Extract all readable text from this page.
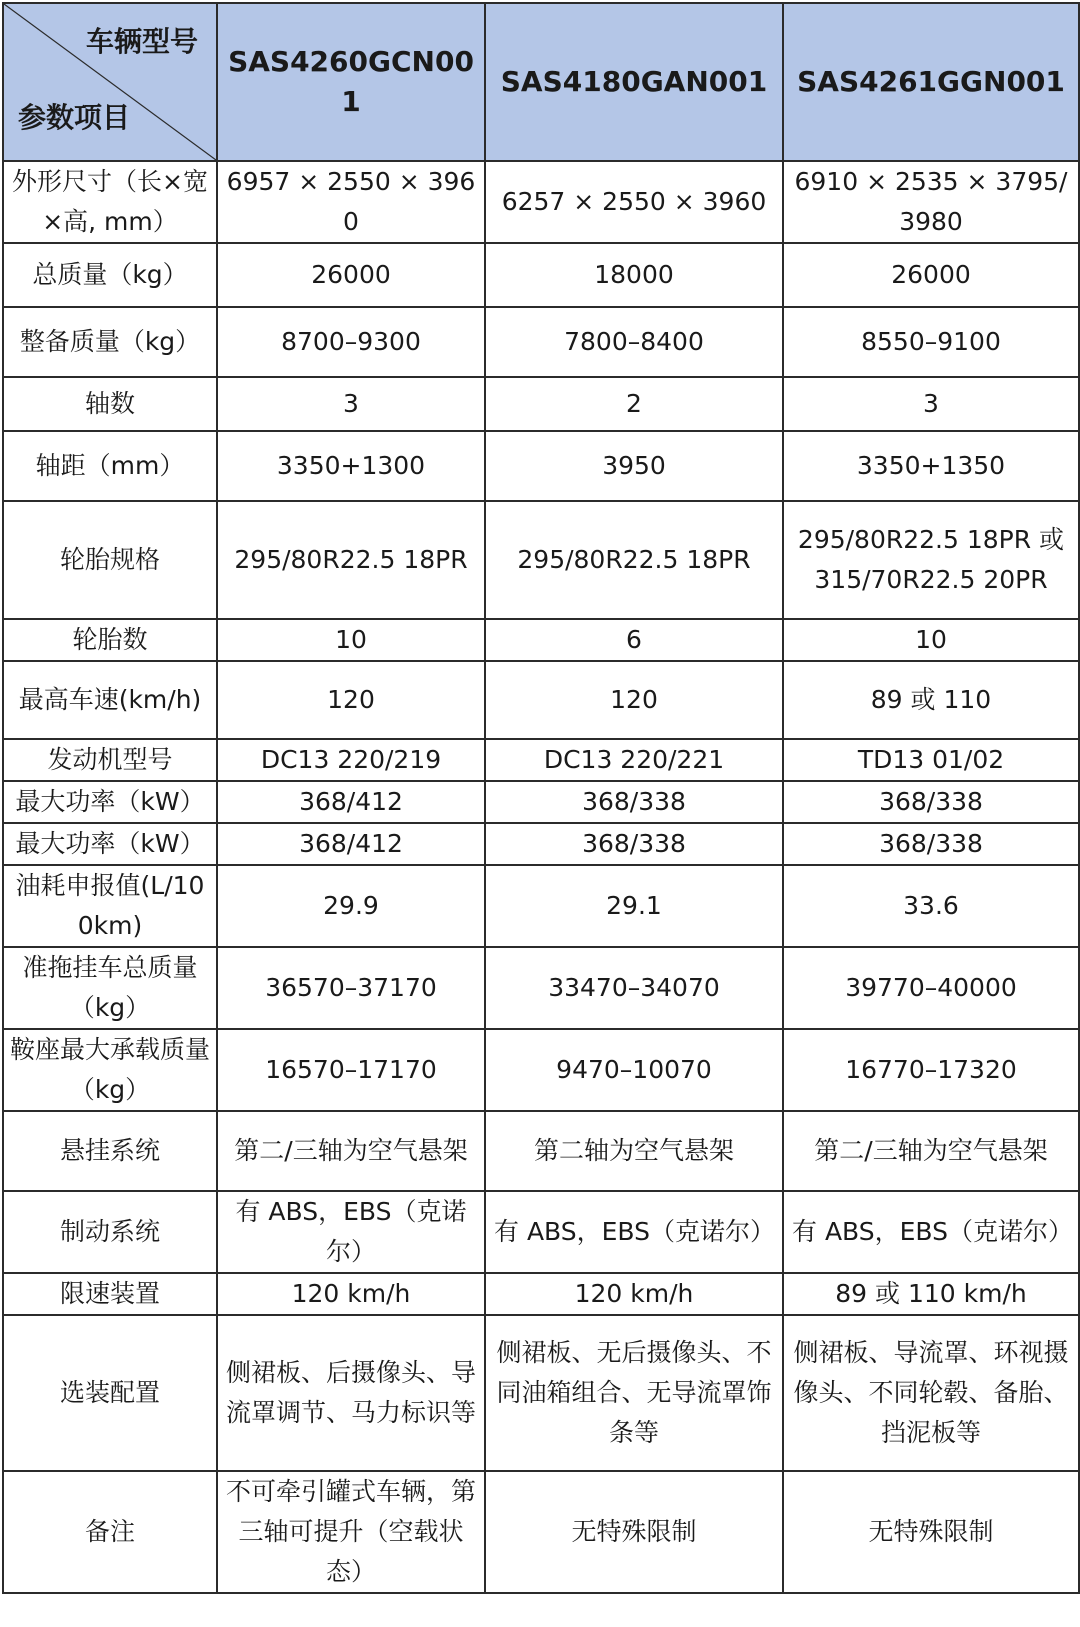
车辆型号
参数项目	SAS4260GCN001	SAS4180GAN001	SAS4261GGN001
外形尺寸（长×宽×高, mm）	6957 × 2550 × 3960	6257 × 2550 × 3960	6910 × 2535 × 3795/3980
总质量（kg）	26000	18000	26000
整备质量（kg）	8700–9300	7800–8400	8550–9100
轴数	3	2	3
轴距（mm）	3350+1300	3950	3350+1350
轮胎规格	295/80R22.5 18PR	295/80R22.5 18PR	295/80R22.5 18PR 或 315/70R22.5 20PR
轮胎数	10	6	10
最高车速(km/h)	120	120	89 或 110
发动机型号	DC13 220/219	DC13 220/221	TD13 01/02
最大功率（kW）	368/412	368/338	368/338
最大功率（kW）	368/412	368/338	368/338
油耗申报值(L/100km)	29.9	29.1	33.6
准拖挂车总质量（kg）	36570–37170	33470–34070	39770–40000
鞍座最大承载质量（kg）	16570–17170	9470–10070	16770–17320
悬挂系统	第二/三轴为空气悬架	第二轴为空气悬架	第二/三轴为空气悬架
制动系统	有 ABS，EBS（克诺尔）	有 ABS，EBS（克诺尔）	有 ABS，EBS（克诺尔）
限速装置	120 km/h	120 km/h	89 或 110 km/h
选装配置	侧裙板、后摄像头、导流罩调节、马力标识等	侧裙板、无后摄像头、不同油箱组合、无导流罩饰条等	侧裙板、导流罩、环视摄像头、不同轮毂、备胎、挡泥板等
备注	不可牵引罐式车辆，第三轴可提升（空载状态）	无特殊限制	无特殊限制
